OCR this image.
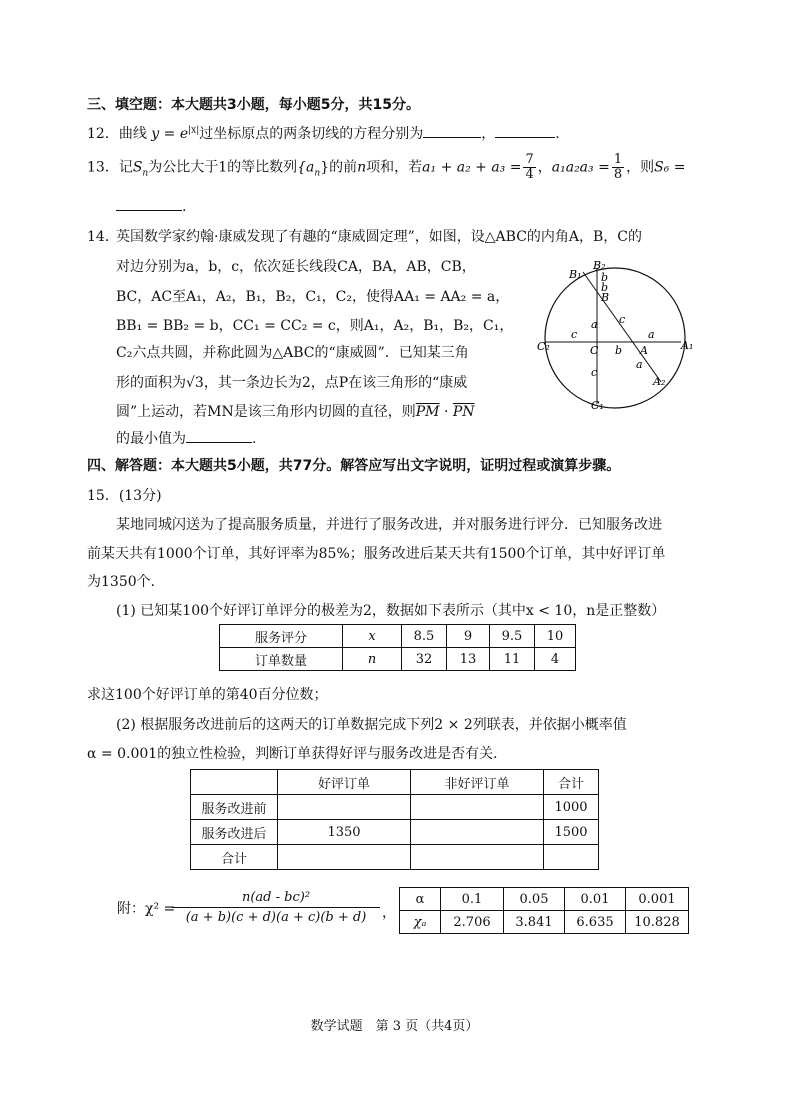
三、填空题：本大题共3小题，每小题5分，共15分。
12．曲线 $y = e^{|x|}$过坐标原点的两条切线的方程分别为	，	.
13．记$S_n$为公比大于1的等比数列$\{a_n\}$的前n项和，若$a_1 + a_2 + a_3 = \frac{7}{4}$ ，$a_1a_2a_3 = \frac{1}{8}$ ，则S₆ =
.
14．
英国数学家约翰·康威发现了有趣的“康威圆定理”，如图，设△ABC的内角A，B，C的
对边分别为a，b，c，依次延长线段CA，BA，AB，CB，
BC，AC至A₁，A₂，B₁，B₂，C₁，C₂，使得AA₁ = AA₂ = a，
BB₁ = BB₂ = b，CC₁ = CC₂ = c，则A₁，A₂，B₁，B₂，C₁，
C₂六点共圆，并称此圆为△ABC的“康威圆”．已知某三角
形的面积为√3，其一条边长为2，点P在该三角形的“康威
圆”上运动，若MN是该三角形内切圆的直径，则$\overline{PM} \cdot \overline{PN}$
的最小值为	.
B₁
B₂
B
C	A	A₁
A₂
C₁
C₂
b
b
b
a
a
a
c
c
c
四、解答题：本大题共5小题，共77分。解答应写出文字说明，证明过程或演算步骤。
15．(13分)
某地同城闪送为了提高服务质量，并进行了服务改进，并对服务进行评分．已知服务改进
前某天共有1000个订单，其好评率为85%；服务改进后某天共有1500个订单，其中好评订单
为1350个．
(1) 已知某100个好评订单评分的极差为2，数据如下表所示（其中x < 10，n是正整数）
服务评分	x	8.5	9	9.5	10
订单数量	n	32	13	11	4
求这100个好评订单的第40百分位数；
(2) 根据服务改进前后的这两天的订单数据完成下列2 × 2列联表，并依据小概率值
α = 0.001的独立性检验，判断订单获得好评与服务改进是否有关．
	好评订单	非好评订单	合计
服务改进前			1000
服务改进后	1350		1500
合计			
附：χ² =
$\frac{\text{n(ad - bc)²}}{(a + b)(c + d)(a + c)(b + d)}$ ，
α	0.1	0.05	0.01	0.001
χₐ	2.706	3.841	6.635	10.828
数学试题　第 3 页（共4页）
